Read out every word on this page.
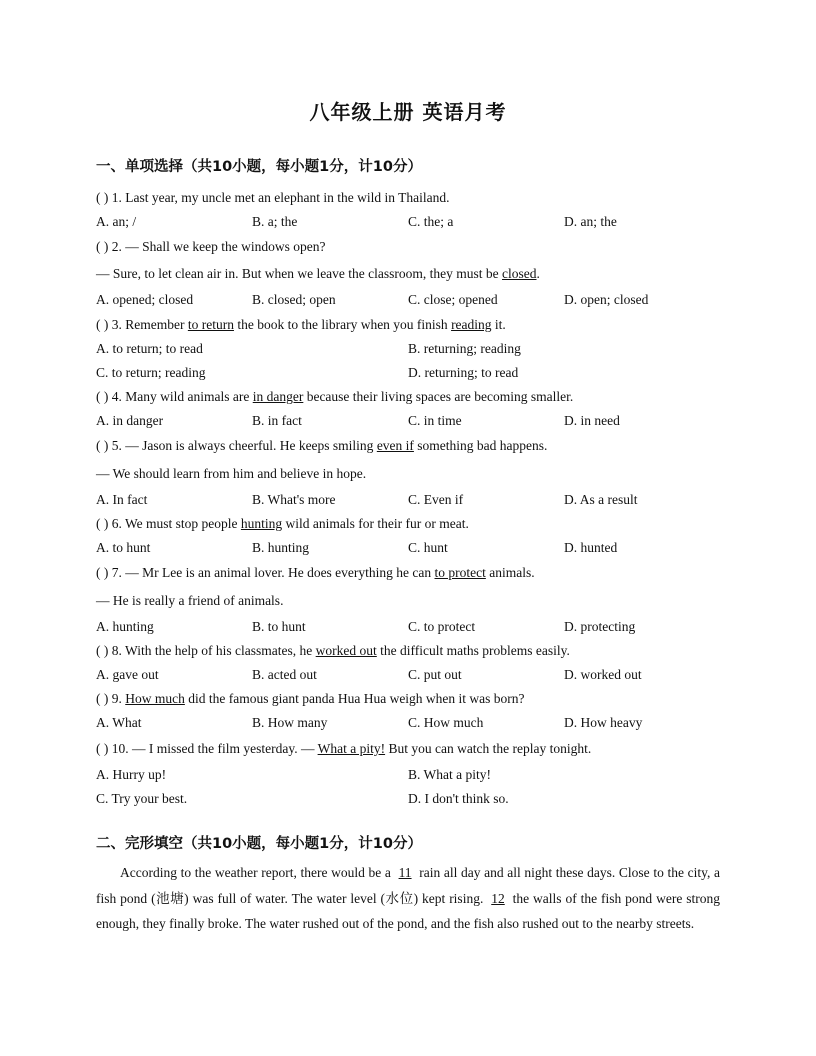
八年级上册 英语月考
一、单项选择（共10小题，每小题1分，计10分）
( ) 1. Last year, my uncle met an elephant in the wild in Thailand.
A. an; /	B. a; the	C. the; a	D. an; the
( ) 2. — Shall we keep the windows open?
— Sure, to let clean air in. But when we leave the classroom, they must be closed.
A. opened; closed	B. closed; open	C. close; opened	D. open; closed
( ) 3. Remember to return the book to the library when you finish reading it.
A. to return; to read	B. returning; reading
C. to return; reading	D. returning; to read
( ) 4. Many wild animals are in danger because their living spaces are becoming smaller.
A. in danger	B. in fact	C. in time	D. in need
( ) 5. — Jason is always cheerful. He keeps smiling even if something bad happens.
— We should learn from him and believe in hope.
A. In fact	B. What's more	C. Even if	D. As a result
( ) 6. We must stop people hunting wild animals for their fur or meat.
A. to hunt	B. hunting	C. hunt	D. hunted
( ) 7. — Mr Lee is an animal lover. He does everything he can to protect animals.
— He is really a friend of animals.
A. hunting	B. to hunt	C. to protect	D. protecting
( ) 8. With the help of his classmates, he worked out the difficult maths problems easily.
A. gave out	B. acted out	C. put out	D. worked out
( ) 9. How much did the famous giant panda Hua Hua weigh when it was born?
A. What	B. How many	C. How much	D. How heavy
( ) 10. — I missed the film yesterday. — What a pity! But you can watch the replay tonight.
A. Hurry up!	B. What a pity!
C. Try your best.	D. I don't think so.
二、完形填空（共10小题，每小题1分，计10分）
According to the weather report, there would be a 11 rain all day and all night these days. Close to the city, a fish pond (池塘) was full of water. The water level (水位) kept rising. 12 the walls of the fish pond were strong enough, they finally broke. The water rushed out of the pond, and the fish also rushed out to the nearby streets.
